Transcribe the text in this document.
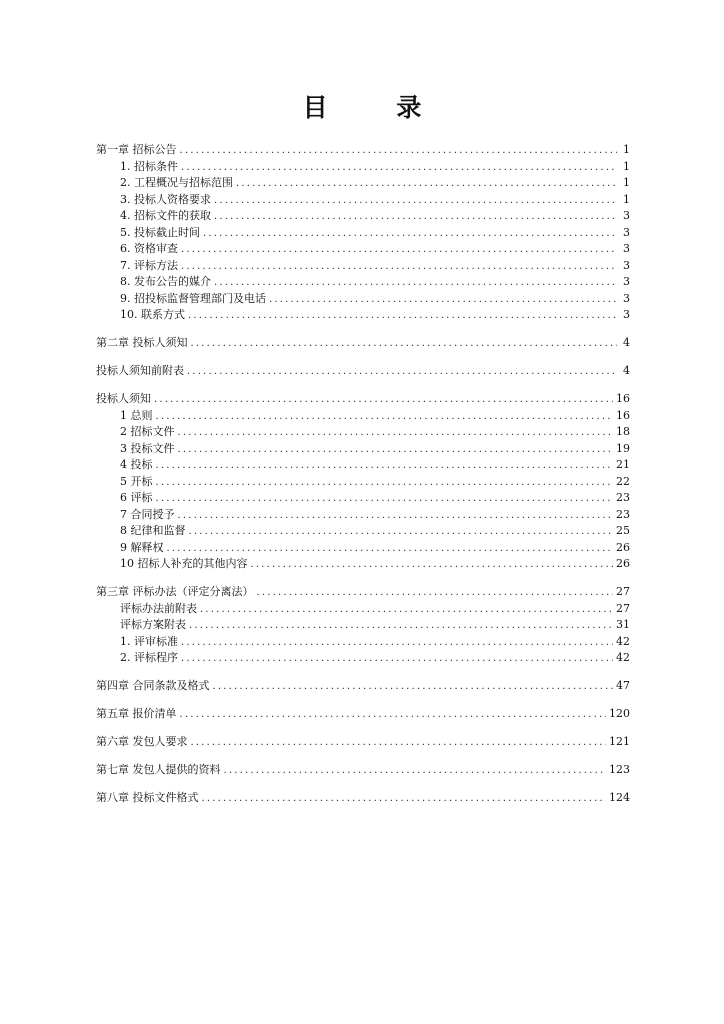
目 录
第一章 招标公告 .....	1
1. 招标条件 .....	1
2. 工程概况与招标范围 .....	1
3. 投标人资格要求 .....	1
4. 招标文件的获取 .....	3
5. 投标截止时间 .....	3
6. 资格审查 .....	3
7. 评标方法 .....	3
8. 发布公告的媒介 .....	3
9. 招投标监督管理部门及电话 .....	3
10. 联系方式 .....	3
第二章 投标人须知 .....	4
投标人须知前附表 .....	4
投标人须知 .....	16
1 总则 .....	16
2 招标文件 .....	18
3 投标文件 .....	19
4 投标 .....	21
5 开标 .....	22
6 评标 .....	23
7 合同授予 .....	23
8 纪律和监督 .....	25
9 解释权 .....	26
10 招标人补充的其他内容 .....	26
第三章 评标办法（评定分离法） .....	27
评标办法前附表 .....	27
评标方案附表 .....	31
1. 评审标准 .....	42
2. 评标程序 .....	42
第四章 合同条款及格式 .....	47
第五章 报价清单 .....	120
第六章 发包人要求 .....	121
第七章 发包人提供的资料 .....	123
第八章 投标文件格式 .....	124
